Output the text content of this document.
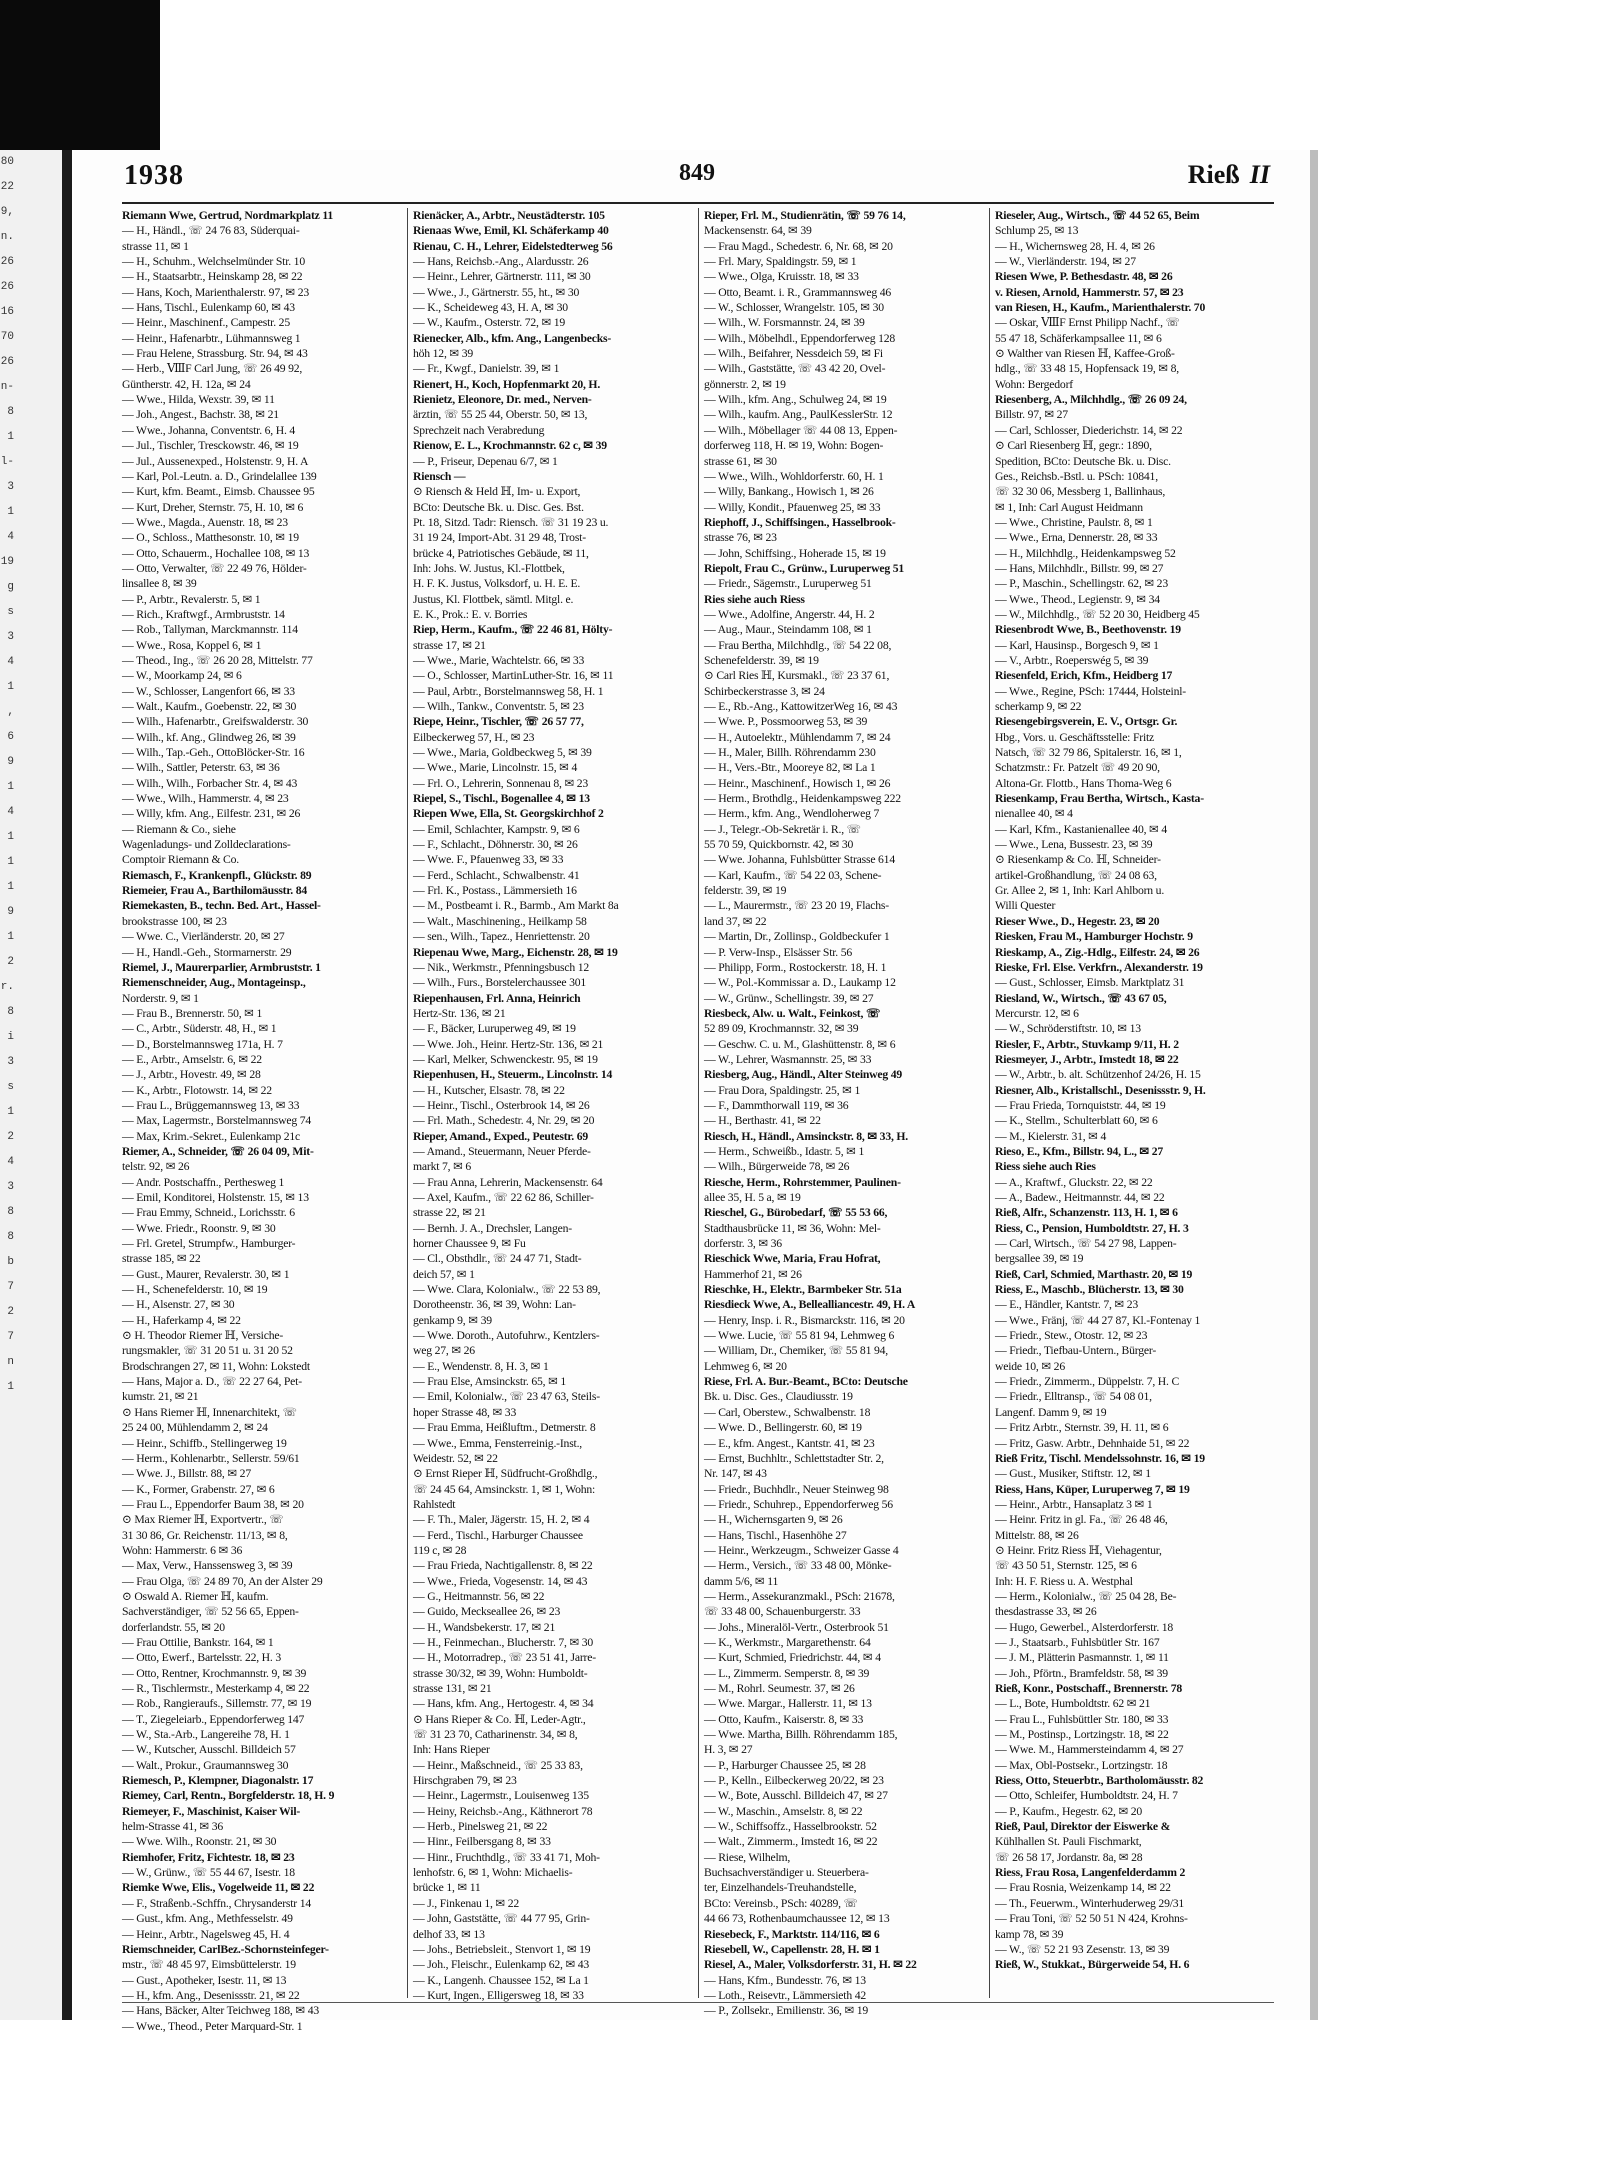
80
22
9,
n.
26
26
16
70
26
n-
8
1
l-
3
1
4
19
g
s
3
4
1
,
6
9
1
4
1
1
1
9
1
2
r.
8
i
3
s
1
2
4
3
8
8
b
7
2
7
n
1
1938	849	Rieß II
Riemann Wwe, Gertrud, Nordmarkplatz 11
— H., Händl., ☏ 24 76 83, Süderquai-
strasse 11, ✉ 1
— H., Schuhm., Welchselmünder Str. 10
— H., Staatsarbtr., Heinskamp 28, ✉ 22
— Hans, Koch, Marienthalerstr. 97, ✉ 23
— Hans, Tischl., Eulenkamp 60, ✉ 43
— Heinr., Maschinenf., Campestr. 25
— Heinr., Hafenarbtr., Lühmannsweg 1
— Frau Helene, Strassburg. Str. 94, ✉ 43
— Herb., ⅧF Carl Jung, ☏ 26 49 92,
Güntherstr. 42, H. 12a, ✉ 24
— Wwe., Hilda, Wexstr. 39, ✉ 11
— Joh., Angest., Bachstr. 38, ✉ 21
— Wwe., Johanna, Conventstr. 6, H. 4
— Jul., Tischler, Tresckowstr. 46, ✉ 19
— Jul., Aussenexped., Holstenstr. 9, H. A
— Karl, Pol.-Leutn. a. D., Grindelallee 139
— Kurt, kfm. Beamt., Eimsb. Chaussee 95
— Kurt, Dreher, Sternstr. 75, H. 10, ✉ 6
— Wwe., Magda., Auenstr. 18, ✉ 23
— O., Schloss., Matthesonstr. 10, ✉ 19
— Otto, Schauerm., Hochallee 108, ✉ 13
— Otto, Verwalter, ☏ 22 49 76, Hölder-
linsallee 8, ✉ 39
— P., Arbtr., Revalerstr. 5, ✉ 1
— Rich., Kraftwgf., Armbruststr. 14
— Rob., Tallyman, Marckmannstr. 114
— Wwe., Rosa, Koppel 6, ✉ 1
— Theod., Ing., ☏ 26 20 28, Mittelstr. 77
— W., Moorkamp 24, ✉ 6
— W., Schlosser, Langenfort 66, ✉ 33
— Walt., Kaufm., Goebenstr. 22, ✉ 30
— Wilh., Hafenarbtr., Greifswalderstr. 30
— Wilh., kf. Ang., Glindweg 26, ✉ 39
— Wilh., Tap.-Geh., OttoBlöcker-Str. 16
— Wilh., Sattler, Peterstr. 63, ✉ 36
— Wilh., Wilh., Forbacher Str. 4, ✉ 43
— Wwe., Wilh., Hammerstr. 4, ✉ 23
— Willy, kfm. Ang., Eilfestr. 231, ✉ 26
— Riemann & Co., siehe
Wagenladungs- und Zolldeclarations-
Comptoir Riemann & Co.
Riemasch, F., Krankenpfl., Glückstr. 89
Riemeier, Frau A., Barthilomäusstr. 84
Riemekasten, B., techn. Bed. Art., Hassel-
brookstrasse 100, ✉ 23
— Wwe. C., Vierländerstr. 20, ✉ 27
— H., Handl.-Geh., Stormarnerstr. 29
Riemel, J., Maurerparlier, Armbruststr. 1
Riemenschneider, Aug., Montageinsp.,
Norderstr. 9, ✉ 1
— Frau B., Brennerstr. 50, ✉ 1
— C., Arbtr., Süderstr. 48, H., ✉ 1
— D., Borstelmannsweg 171a, H. 7
— E., Arbtr., Amselstr. 6, ✉ 22
— J., Arbtr., Hovestr. 49, ✉ 28
— K., Arbtr., Flotowstr. 14, ✉ 22
— Frau L., Brüggemannsweg 13, ✉ 33
— Max, Lagermstr., Borstelmannsweg 74
— Max, Krim.-Sekret., Eulenkamp 21c
Riemer, A., Schneider, ☏ 26 04 09, Mit-
telstr. 92, ✉ 26
— Andr. Postschaffn., Perthesweg 1
— Emil, Konditorei, Holstenstr. 15, ✉ 13
— Frau Emmy, Schneid., Lorichsstr. 6
— Wwe. Friedr., Roonstr. 9, ✉ 30
— Frl. Gretel, Strumpfw., Hamburger-
strasse 185, ✉ 22
— Gust., Maurer, Revalerstr. 30, ✉ 1
— H., Schenefelderstr. 10, ✉ 19
— H., Alsenstr. 27, ✉ 30
— H., Haferkamp 4, ✉ 22
⊙ H. Theodor Riemer ℍ, Versiche-
rungsmakler, ☏ 31 20 51 u. 31 20 52
Brodschrangen 27, ✉ 11, Wohn: Lokstedt
— Hans, Major a. D., ☏ 22 27 64, Pet-
kumstr. 21, ✉ 21
⊙ Hans Riemer ℍ, Innenarchitekt, ☏
25 24 00, Mühlendamm 2, ✉ 24
— Heinr., Schiffb., Stellingerweg 19
— Herm., Kohlenarbtr., Sellerstr. 59/61
— Wwe. J., Billstr. 88, ✉ 27
— K., Former, Grabenstr. 27, ✉ 6
— Frau L., Eppendorfer Baum 38, ✉ 20
⊙ Max Riemer ℍ, Exportvertr., ☏
31 30 86, Gr. Reichenstr. 11/13, ✉ 8,
Wohn: Hammerstr. 6 ✉ 36
— Max, Verw., Hanssensweg 3, ✉ 39
— Frau Olga, ☏ 24 89 70, An der Alster 29
⊙ Oswald A. Riemer ℍ, kaufm.
Sachverständiger, ☏ 52 56 65, Eppen-
dorferlandstr. 55, ✉ 20
— Frau Ottilie, Bankstr. 164, ✉ 1
— Otto, Ewerf., Bartelsstr. 22, H. 3
— Otto, Rentner, Krochmannstr. 9, ✉ 39
— R., Tischlermstr., Mesterkamp 4, ✉ 22
— Rob., Rangieraufs., Sillemstr. 77, ✉ 19
— T., Ziegeleiarb., Eppendorferweg 147
— W., Sta.-Arb., Langereihe 78, H. 1
— W., Kutscher, Ausschl. Billdeich 57
— Walt., Prokur., Graumannsweg 30
Riemesch, P., Klempner, Diagonalstr. 17
Riemey, Carl, Rentn., Borgfelderstr. 18, H. 9
Riemeyer, F., Maschinist, Kaiser Wil-
helm-Strasse 41, ✉ 36
— Wwe. Wilh., Roonstr. 21, ✉ 30
Riemhofer, Fritz, Fichtestr. 18, ✉ 23
— W., Grünw., ☏ 55 44 67, Isestr. 18
Riemke Wwe, Elis., Vogelweide 11, ✉ 22
— F., Straßenb.-Schffn., Chrysanderstr 14
— Gust., kfm. Ang., Methfesselstr. 49
— Heinr., Arbtr., Nagelsweg 45, H. 4
Riemschneider, CarlBez.-Schornsteinfeger-
mstr., ☏ 48 45 97, Eimsbüttelerstr. 19
— Gust., Apotheker, Isestr. 11, ✉ 13
— H., kfm. Ang., Desenissstr. 21, ✉ 22
— Hans, Bäcker, Alter Teichweg 188, ✉ 43
— Wwe., Theod., Peter Marquard-Str. 1
Rienäcker, A., Arbtr., Neustädterstr. 105
Rienaas Wwe, Emil, Kl. Schäferkamp 40
Rienau, C. H., Lehrer, Eidelstedterweg 56
— Hans, Reichsb.-Ang., Alardusstr. 26
— Heinr., Lehrer, Gärtnerstr. 111, ✉ 30
— Wwe., J., Gärtnerstr. 55, ht., ✉ 30
— K., Scheideweg 43, H. A, ✉ 30
— W., Kaufm., Osterstr. 72, ✉ 19
Rienecker, Alb., kfm. Ang., Langenbecks-
höh 12, ✉ 39
— Fr., Kwgf., Danielstr. 39, ✉ 1
Rienert, H., Koch, Hopfenmarkt 20, H.
Rienietz, Eleonore, Dr. med., Nerven-
ärztin, ☏ 55 25 44, Oberstr. 50, ✉ 13,
Sprechzeit nach Verabredung
Rienow, E. L., Krochmannstr. 62 c, ✉ 39
— P., Friseur, Depenau 6/7, ✉ 1
Riensch —
⊙ Riensch & Held ℍ, Im- u. Export,
BCto: Deutsche Bk. u. Disc. Ges. Bst.
Pt. 18, Sitzd. Tadr: Riensch. ☏ 31 19 23 u.
31 19 24, Import-Abt. 31 29 48, Trost-
brücke 4, Patriotisches Gebäude, ✉ 11,
Inh: Johs. W. Justus, Kl.-Flottbek,
H. F. K. Justus, Volksdorf, u. H. E. E.
Justus, Kl. Flottbek, sämtl. Mitgl. e.
E. K., Prok.: E. v. Borries
Riep, Herm., Kaufm., ☏ 22 46 81, Hölty-
strasse 17, ✉ 21
— Wwe., Marie, Wachtelstr. 66, ✉ 33
— O., Schlosser, MartinLuther-Str. 16, ✉ 11
— Paul, Arbtr., Borstelmannsweg 58, H. 1
— Wilh., Tankw., Conventstr. 5, ✉ 23
Riepe, Heinr., Tischler, ☏ 26 57 77,
Eilbeckerweg 57, H., ✉ 23
— Wwe., Maria, Goldbeckweg 5, ✉ 39
— Wwe., Marie, Lincolnstr. 15, ✉ 4
— Frl. O., Lehrerin, Sonnenau 8, ✉ 23
Riepel, S., Tischl., Bogenallee 4, ✉ 13
Riepen Wwe, Ella, St. Georgskirchhof 2
— Emil, Schlachter, Kampstr. 9, ✉ 6
— F., Schlacht., Döhnerstr. 30, ✉ 26
— Wwe. F., Pfauenweg 33, ✉ 33
— Ferd., Schlacht., Schwalbenstr. 41
— Frl. K., Postass., Lämmersieth 16
— M., Postbeamt i. R., Barmb., Am Markt 8a
— Walt., Maschinening., Heilkamp 58
— sen., Wilh., Tapez., Henriettenstr. 20
Riepenau Wwe, Marg., Eichenstr. 28, ✉ 19
— Nik., Werkmstr., Pfenningsbusch 12
— Wilh., Furs., Borstelerchaussee 301
Riepenhausen, Frl. Anna, Heinrich
Hertz-Str. 136, ✉ 21
— F., Bäcker, Luruperweg 49, ✉ 19
— Wwe. Joh., Heinr. Hertz-Str. 136, ✉ 21
— Karl, Melker, Schwenckestr. 95, ✉ 19
Riepenhusen, H., Steuerm., Lincolnstr. 14
— H., Kutscher, Elsastr. 78, ✉ 22
— Heinr., Tischl., Osterbrook 14, ✉ 26
— Frl. Math., Schedestr. 4, Nr. 29, ✉ 20
Rieper, Amand., Exped., Peutestr. 69
— Amand., Steuermann, Neuer Pferde-
markt 7, ✉ 6
— Frau Anna, Lehrerin, Mackensenstr. 64
— Axel, Kaufm., ☏ 22 62 86, Schiller-
strasse 22, ✉ 21
— Bernh. J. A., Drechsler, Langen-
horner Chaussee 9, ✉ Fu
— Cl., Obsthdlr., ☏ 24 47 71, Stadt-
deich 57, ✉ 1
— Wwe. Clara, Kolonialw., ☏ 22 53 89,
Dorotheenstr. 36, ✉ 39, Wohn: Lan-
genkamp 9, ✉ 39
— Wwe. Doroth., Autofuhrw., Kentzlers-
weg 27, ✉ 26
— E., Wendenstr. 8, H. 3, ✉ 1
— Frau Else, Amsinckstr. 65, ✉ 1
— Emil, Kolonialw., ☏ 23 47 63, Steils-
hoper Strasse 48, ✉ 33
— Frau Emma, Heißluftm., Detmerstr. 8
— Wwe., Emma, Fensterreinig.-Inst.,
Weidestr. 52, ✉ 22
⊙ Ernst Rieper ℍ, Südfrucht-Großhdlg.,
☏ 24 45 64, Amsinckstr. 1, ✉ 1, Wohn:
Rahlstedt
— F. Th., Maler, Jägerstr. 15, H. 2, ✉ 4
— Ferd., Tischl., Harburger Chaussee
119 c, ✉ 28
— Frau Frieda, Nachtigallenstr. 8, ✉ 22
— Wwe., Frieda, Vogesenstr. 14, ✉ 43
— G., Heitmannstr. 56, ✉ 22
— Guido, Meckseallee 26, ✉ 23
— H., Wandsbekerstr. 17, ✉ 21
— H., Feinmechan., Blucherstr. 7, ✉ 30
— H., Motorradrep., ☏ 23 51 41, Jarre-
strasse 30/32, ✉ 39, Wohn: Humboldt-
strasse 131, ✉ 21
— Hans, kfm. Ang., Hertogestr. 4, ✉ 34
⊙ Hans Rieper & Co. ℍ, Leder-Agtr.,
☏ 31 23 70, Catharinenstr. 34, ✉ 8,
Inh: Hans Rieper
— Heinr., Maßschneid., ☏ 25 33 83,
Hirschgraben 79, ✉ 23
— Heinr., Lagermstr., Louisenweg 135
— Heiny, Reichsb.-Ang., Käthnerort 78
— Herb., Pinelsweg 21, ✉ 22
— Hinr., Feilbersgang 8, ✉ 33
— Hinr., Fruchthdlg., ☏ 33 41 71, Moh-
lenhofstr. 6, ✉ 1, Wohn: Michaelis-
brücke 1, ✉ 11
— J., Finkenau 1, ✉ 22
— John, Gaststätte, ☏ 44 77 95, Grin-
delhof 33, ✉ 13
— Johs., Betriebsleit., Stenvort 1, ✉ 19
— Joh., Fleischr., Eulenkamp 62, ✉ 43
— K., Langenh. Chaussee 152, ✉ La 1
— Kurt, Ingen., Elligersweg 18, ✉ 33
Rieper, Frl. M., Studienrätin, ☏ 59 76 14,
Mackensenstr. 64, ✉ 39
— Frau Magd., Schedestr. 6, Nr. 68, ✉ 20
— Frl. Mary, Spaldingstr. 59, ✉ 1
— Wwe., Olga, Kruisstr. 18, ✉ 33
— Otto, Beamt. i. R., Grammannsweg 46
— W., Schlosser, Wrangelstr. 105, ✉ 30
— Wilh., W. Forsmannstr. 24, ✉ 39
— Wilh., Möbelhdl., Eppendorferweg 128
— Wilh., Beifahrer, Nessdeich 59, ✉ Fi
— Wilh., Gaststätte, ☏ 43 42 20, Ovel-
gönnerstr. 2, ✉ 19
— Wilh., kfm. Ang., Schulweg 24, ✉ 19
— Wilh., kaufm. Ang., PaulKesslerStr. 12
— Wilh., Möbellager ☏ 44 08 13, Eppen-
dorferweg 118, H. ✉ 19, Wohn: Bogen-
strasse 61, ✉ 30
— Wwe., Wilh., Wohldorferstr. 60, H. 1
— Willy, Bankang., Howisch 1, ✉ 26
— Willy, Kondit., Pfauenweg 25, ✉ 33
Riephoff, J., Schiffsingen., Hasselbrook-
strasse 76, ✉ 23
— John, Schiffsing., Hoherade 15, ✉ 19
Riepolt, Frau C., Grünw., Luruperweg 51
— Friedr., Sägemstr., Luruperweg 51
Ries siehe auch Riess
— Wwe., Adolfine, Angerstr. 44, H. 2
— Aug., Maur., Steindamm 108, ✉ 1
— Frau Bertha, Milchhdlg., ☏ 54 22 08,
Schenefelderstr. 39, ✉ 19
⊙ Carl Ries ℍ, Kursmakl., ☏ 23 37 61,
Schirbeckerstrasse 3, ✉ 24
— E., Rb.-Ang., KattowitzerWeg 16, ✉ 43
— Wwe. P., Possmoorweg 53, ✉ 39
— H., Autoelektr., Mühlendamm 7, ✉ 24
— H., Maler, Billh. Röhrendamm 230
— H., Vers.-Btr., Mooreye 82, ✉ La 1
— Heinr., Maschinenf., Howisch 1, ✉ 26
— Herm., Brothdlg., Heidenkampsweg 222
— Herm., kfm. Ang., Wendloherweg 7
— J., Telegr.-Ob-Sekretär i. R., ☏
55 70 59, Quickbornstr. 42, ✉ 30
— Wwe. Johanna, Fuhlsbütter Strasse 614
— Karl, Kaufm., ☏ 54 22 03, Schene-
felderstr. 39, ✉ 19
— L., Maurermstr., ☏ 23 20 19, Flachs-
land 37, ✉ 22
— Martin, Dr., Zollinsp., Goldbeckufer 1
— P. Verw-Insp., Elsässer Str. 56
— Philipp, Form., Rostockerstr. 18, H. 1
— W., Pol.-Kommissar a. D., Laukamp 12
— W., Grünw., Schellingstr. 39, ✉ 27
Riesbeck, Alw. u. Walt., Feinkost, ☏
52 89 09, Krochmannstr. 32, ✉ 39
— Geschw. C. u. M., Glashüttenstr. 8, ✉ 6
— W., Lehrer, Wasmannstr. 25, ✉ 33
Riesberg, Aug., Händl., Alter Steinweg 49
— Frau Dora, Spaldingstr. 25, ✉ 1
— F., Dammthorwall 119, ✉ 36
— H., Berthastr. 41, ✉ 22
Riesch, H., Händl., Amsinckstr. 8, ✉ 33, H.
— Herm., Schweißb., Idastr. 5, ✉ 1
— Wilh., Bürgerweide 78, ✉ 26
Riesche, Herm., Rohrstemmer, Paulinen-
allee 35, H. 5 a, ✉ 19
Rieschel, G., Bürobedarf, ☏ 55 53 66,
Stadthausbrücke 11, ✉ 36, Wohn: Mel-
dorferstr. 3, ✉ 36
Rieschick Wwe, Maria, Frau Hofrat,
Hammerhof 21, ✉ 26
Rieschke, H., Elektr., Barmbeker Str. 51a
Riesdieck Wwe, A., Bellealliancestr. 49, H. A
— Henry, Insp. i. R., Bismarckstr. 116, ✉ 20
— Wwe. Lucie, ☏ 55 81 94, Lehmweg 6
— William, Dr., Chemiker, ☏ 55 81 94,
Lehmweg 6, ✉ 20
Riese, Frl. A. Bur.-Beamt., BCto: Deutsche
Bk. u. Disc. Ges., Claudiusstr. 19
— Carl, Oberstew., Schwalbenstr. 18
— Wwe. D., Bellingerstr. 60, ✉ 19
— E., kfm. Angest., Kantstr. 41, ✉ 23
— Ernst, Buchhltr., Schlettstadter Str. 2,
Nr. 147, ✉ 43
— Friedr., Buchhdlr., Neuer Steinweg 98
— Friedr., Schuhrep., Eppendorferweg 56
— H., Wichernsgarten 9, ✉ 26
— Hans, Tischl., Hasenhöhe 27
— Heinr., Werkzeugm., Schweizer Gasse 4
— Herm., Versich., ☏ 33 48 00, Mönke-
damm 5/6, ✉ 11
— Herm., Assekuranzmakl., PSch: 21678,
☏ 33 48 00, Schauenburgerstr. 33
— Johs., Mineralöl-Vertr., Osterbrook 51
— K., Werkmstr., Margarethenstr. 64
— Kurt, Schmied, Friedrichstr. 44, ✉ 4
— L., Zimmerm. Semperstr. 8, ✉ 39
— M., Rohrl. Seumestr. 37, ✉ 26
— Wwe. Margar., Hallerstr. 11, ✉ 13
— Otto, Kaufm., Kaiserstr. 8, ✉ 33
— Wwe. Martha, Billh. Röhrendamm 185,
H. 3, ✉ 27
— P., Harburger Chaussee 25, ✉ 28
— P., Kelln., Eilbeckerweg 20/22, ✉ 23
— W., Bote, Ausschl. Billdeich 47, ✉ 27
— W., Maschin., Amselstr. 8, ✉ 22
— W., Schiffsoffz., Hasselbrookstr. 52
— Walt., Zimmerm., Imstedt 16, ✉ 22
— Riese, Wilhelm,
Buchsachverständiger u. Steuerbera-
ter, Einzelhandels-Treuhandstelle,
BCto: Vereinsb., PSch: 40289, ☏
44 66 73, Rothenbaumchaussee 12, ✉ 13
Riesebeck, F., Marktstr. 114/116, ✉ 6
Riesebell, W., Capellenstr. 28, H. ✉ 1
Riesel, A., Maler, Volksdorferstr. 31, H. ✉ 22
— Hans, Kfm., Bundesstr. 76, ✉ 13
— Loth., Reisevtr., Lämmersieth 42
— P., Zollsekr., Emilienstr. 36, ✉ 19
Rieseler, Aug., Wirtsch., ☏ 44 52 65, Beim
Schlump 25, ✉ 13
— H., Wichernsweg 28, H. 4, ✉ 26
— W., Vierländerstr. 194, ✉ 27
Riesen Wwe, P. Bethesdastr. 48, ✉ 26
v. Riesen, Arnold, Hammerstr. 57, ✉ 23
van Riesen, H., Kaufm., Marienthalerstr. 70
— Oskar, ⅧF Ernst Philipp Nachf., ☏
55 47 18, Schäferkampsallee 11, ✉ 6
⊙ Walther van Riesen ℍ, Kaffee-Groß-
hdlg., ☏ 33 48 15, Hopfensack 19, ✉ 8,
Wohn: Bergedorf
Riesenberg, A., Milchhdlg., ☏ 26 09 24,
Billstr. 97, ✉ 27
— Carl, Schlosser, Diederichstr. 14, ✉ 22
⊙ Carl Riesenberg ℍ, gegr.: 1890,
Spedition, BCto: Deutsche Bk. u. Disc.
Ges., Reichsb.-Bstl. u. PSch: 10841,
☏ 32 30 06, Messberg 1, Ballinhaus,
✉ 1, Inh: Carl August Heidmann
— Wwe., Christine, Paulstr. 8, ✉ 1
— Wwe., Erna, Dennerstr. 28, ✉ 33
— H., Milchhdlg., Heidenkampsweg 52
— Hans, Milchhdlr., Billstr. 99, ✉ 27
— P., Maschin., Schellingstr. 62, ✉ 23
— Wwe., Theod., Legienstr. 9, ✉ 34
— W., Milchhdlg., ☏ 52 20 30, Heidberg 45
Riesenbrodt Wwe, B., Beethovenstr. 19
— Karl, Hausinsp., Borgesch 9, ✉ 1
— V., Arbtr., Roeperswég 5, ✉ 39
Riesenfeld, Erich, Kfm., Heidberg 17
— Wwe., Regine, PSch: 17444, Holsteinl-
scherkamp 9, ✉ 22
Riesengebirgsverein, E. V., Ortsgr. Gr.
Hbg., Vors. u. Geschäftsstelle: Fritz
Natsch, ☏ 32 79 86, Spitalerstr. 16, ✉ 1,
Schatzmstr.: Fr. Patzelt ☏ 49 20 90,
Altona-Gr. Flottb., Hans Thoma-Weg 6
Riesenkamp, Frau Bertha, Wirtsch., Kasta-
nienallee 40, ✉ 4
— Karl, Kfm., Kastanienallee 40, ✉ 4
— Wwe., Lena, Bussestr. 23, ✉ 39
⊙ Riesenkamp & Co. ℍ, Schneider-
artikel-Großhandlung, ☏ 24 08 63,
Gr. Allee 2, ✉ 1, Inh: Karl Ahlborn u.
Willi Quester
Rieser Wwe., D., Hegestr. 23, ✉ 20
Riesken, Frau M., Hamburger Hochstr. 9
Rieskamp, A., Zig.-Hdlg., Eilfestr. 24, ✉ 26
Rieske, Frl. Else. Verkfrn., Alexanderstr. 19
— Gust., Schlosser, Eimsb. Marktplatz 31
Riesland, W., Wirtsch., ☏ 43 67 05,
Mercurstr. 12, ✉ 6
— W., Schröderstiftstr. 10, ✉ 13
Riesler, F., Arbtr., Stuvkamp 9/11, H. 2
Riesmeyer, J., Arbtr., Imstedt 18, ✉ 22
— W., Arbtr., b. alt. Schützenhof 24/26, H. 15
Riesner, Alb., Kristallschl., Desenissstr. 9, H.
— Frau Frieda, Tornquiststr. 44, ✉ 19
— K., Stellm., Schulterblatt 60, ✉ 6
— M., Kielerstr. 31, ✉ 4
Rieso, E., Kfm., Billstr. 94, L., ✉ 27
Riess siehe auch Ries
— A., Kraftwf., Gluckstr. 22, ✉ 22
— A., Badew., Heitmannstr. 44, ✉ 22
Rieß, Alfr., Schanzenstr. 113, H. 1, ✉ 6
Riess, C., Pension, Humboldtstr. 27, H. 3
— Carl, Wirtsch., ☏ 54 27 98, Lappen-
bergsallee 39, ✉ 19
Rieß, Carl, Schmied, Marthastr. 20, ✉ 19
Riess, E., Maschb., Blücherstr. 13, ✉ 30
— E., Händler, Kantstr. 7, ✉ 23
— Wwe., Fränj, ☏ 44 27 87, Kl.-Fontenay 1
— Friedr., Stew., Otostr. 12, ✉ 23
— Friedr., Tiefbau-Untern., Bürger-
weide 10, ✉ 26
— Friedr., Zimmerm., Düppelstr. 7, H. C
— Friedr., Elltransp., ☏ 54 08 01,
Langenf. Damm 9, ✉ 19
— Fritz Arbtr., Sternstr. 39, H. 11, ✉ 6
— Fritz, Gasw. Arbtr., Dehnhaide 51, ✉ 22
Rieß Fritz, Tischl. Mendelssohnstr. 16, ✉ 19
— Gust., Musiker, Stiftstr. 12, ✉ 1
Riess, Hans, Küper, Luruperweg 7, ✉ 19
— Heinr., Arbtr., Hansaplatz 3 ✉ 1
— Heinr. Fritz in gl. Fa., ☏ 26 48 46,
Mittelstr. 88, ✉ 26
⊙ Heinr. Fritz Riess ℍ, Viehagentur,
☏ 43 50 51, Sternstr. 125, ✉ 6
Inh: H. F. Riess u. A. Westphal
— Herm., Kolonialw., ☏ 25 04 28, Be-
thesdastrasse 33, ✉ 26
— Hugo, Gewerbel., Alsterdorferstr. 18
— J., Staatsarb., Fuhlsbütler Str. 167
— J. M., Plätterin Pasmannstr. 1, ✉ 11
— Joh., Pförtn., Bramfeldstr. 58, ✉ 39
Rieß, Konr., Postschaff., Brennerstr. 78
— L., Bote, Humboldtstr. 62 ✉ 21
— Frau L., Fuhlsbüttler Str. 180, ✉ 33
— M., Postinsp., Lortzingstr. 18, ✉ 22
— Wwe. M., Hammersteindamm 4, ✉ 27
— Max, Obl-Postsekr., Lortzingstr. 18
Riess, Otto, Steuerbtr., Bartholomäusstr. 82
— Otto, Schleifer, Humboldtstr. 24, H. 7
— P., Kaufm., Hegestr. 62, ✉ 20
Rieß, Paul, Direktor der Eiswerke &
Kühlhallen St. Pauli Fischmarkt,
☏ 26 58 17, Jordanstr. 8a, ✉ 28
Riess, Frau Rosa, Langenfelderdamm 2
— Frau Rosnia, Weizenkamp 14, ✉ 22
— Th., Feuerwm., Winterhuderweg 29/31
— Frau Toni, ☏ 52 50 51 N 424, Krohns-
kamp 78, ✉ 39
— W., ☏ 52 21 93 Zesenstr. 13, ✉ 39
Rieß, W., Stukkat., Bürgerweide 54, H. 6
